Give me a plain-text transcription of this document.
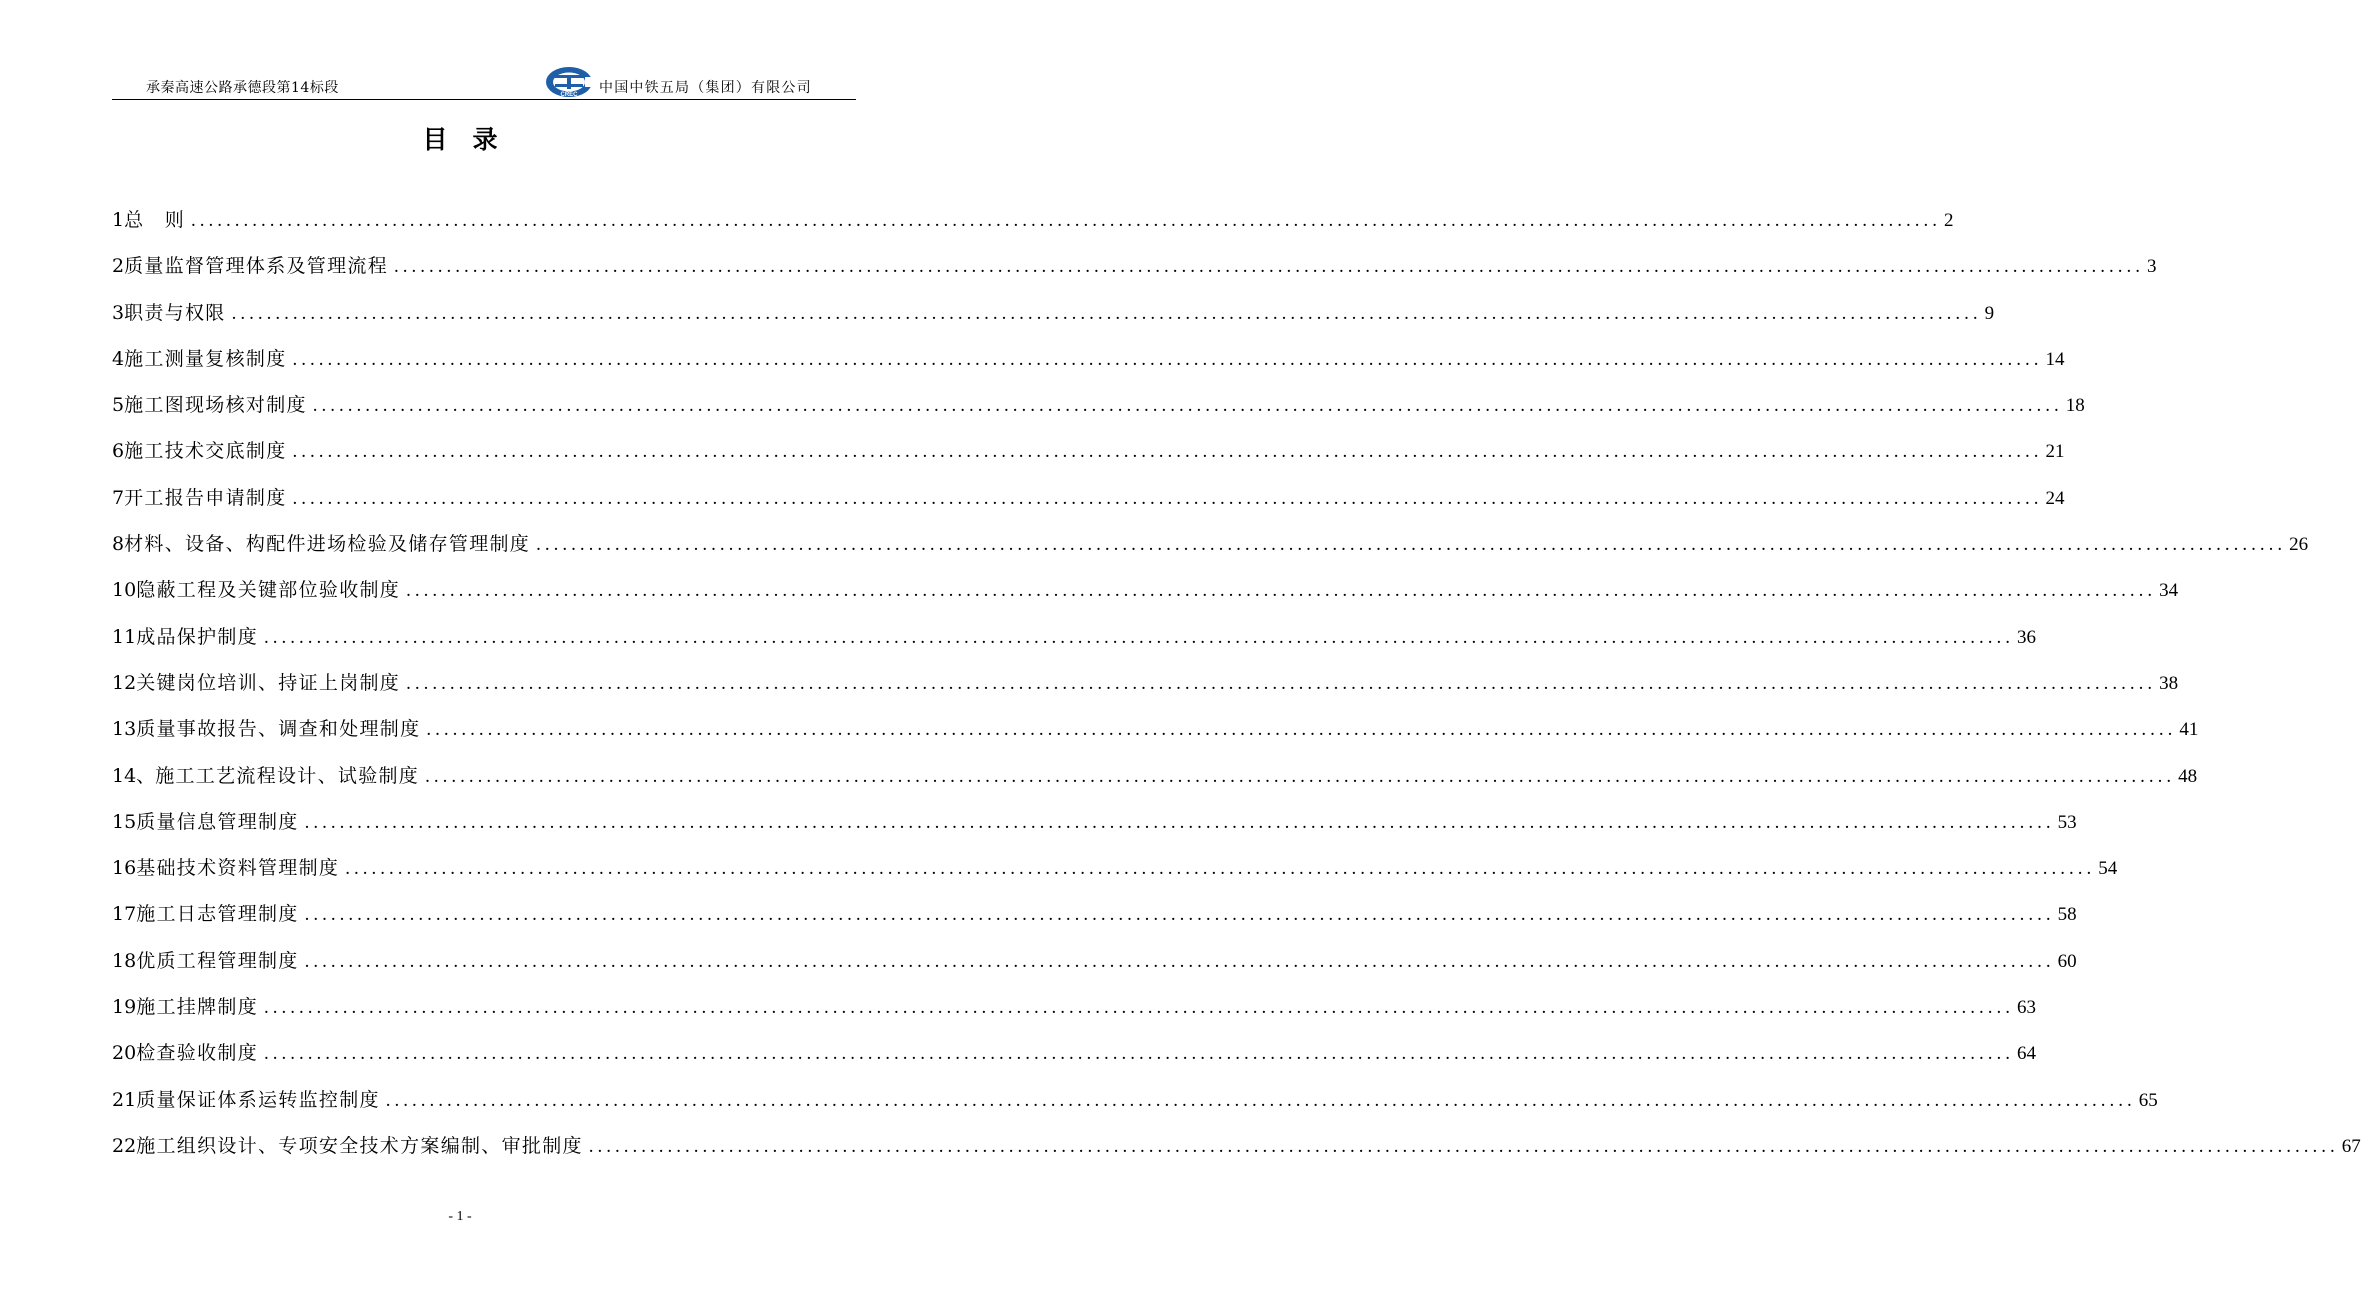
承秦高速公路承德段第14标段	CREC 中国中铁五局（集团）有限公司
目　录
1 总　则 ........................................................................................................................................................................................................ 2
2 质量监督管理体系及管理流程 ........................................................................................................................................................................................................ 3
3 职责与权限 ........................................................................................................................................................................................................ 9
4 施工测量复核制度 ........................................................................................................................................................................................................ 14
5 施工图现场核对制度 ........................................................................................................................................................................................................ 18
6 施工技术交底制度 ........................................................................................................................................................................................................ 21
7 开工报告申请制度 ........................................................................................................................................................................................................ 24
8 材料、设备、构配件进场检验及储存管理制度 ........................................................................................................................................................................................................ 26
10 隐蔽工程及关键部位验收制度 ........................................................................................................................................................................................................ 34
11 成品保护制度 ........................................................................................................................................................................................................ 36
12 关键岗位培训、持证上岗制度 ........................................................................................................................................................................................................ 38
13 质量事故报告、调查和处理制度 ........................................................................................................................................................................................................ 41
14、 施工工艺流程设计、试验制度 ........................................................................................................................................................................................................ 48
15 质量信息管理制度 ........................................................................................................................................................................................................ 53
16 基础技术资料管理制度 ........................................................................................................................................................................................................ 54
17 施工日志管理制度 ........................................................................................................................................................................................................ 58
18 优质工程管理制度 ........................................................................................................................................................................................................ 60
19 施工挂牌制度 ........................................................................................................................................................................................................ 63
20 检查验收制度 ........................................................................................................................................................................................................ 64
21 质量保证体系运转监控制度 ........................................................................................................................................................................................................ 65
22 施工组织设计、专项安全技术方案编制、审批制度 ........................................................................................................................................................................................................ 67
- 1 -
